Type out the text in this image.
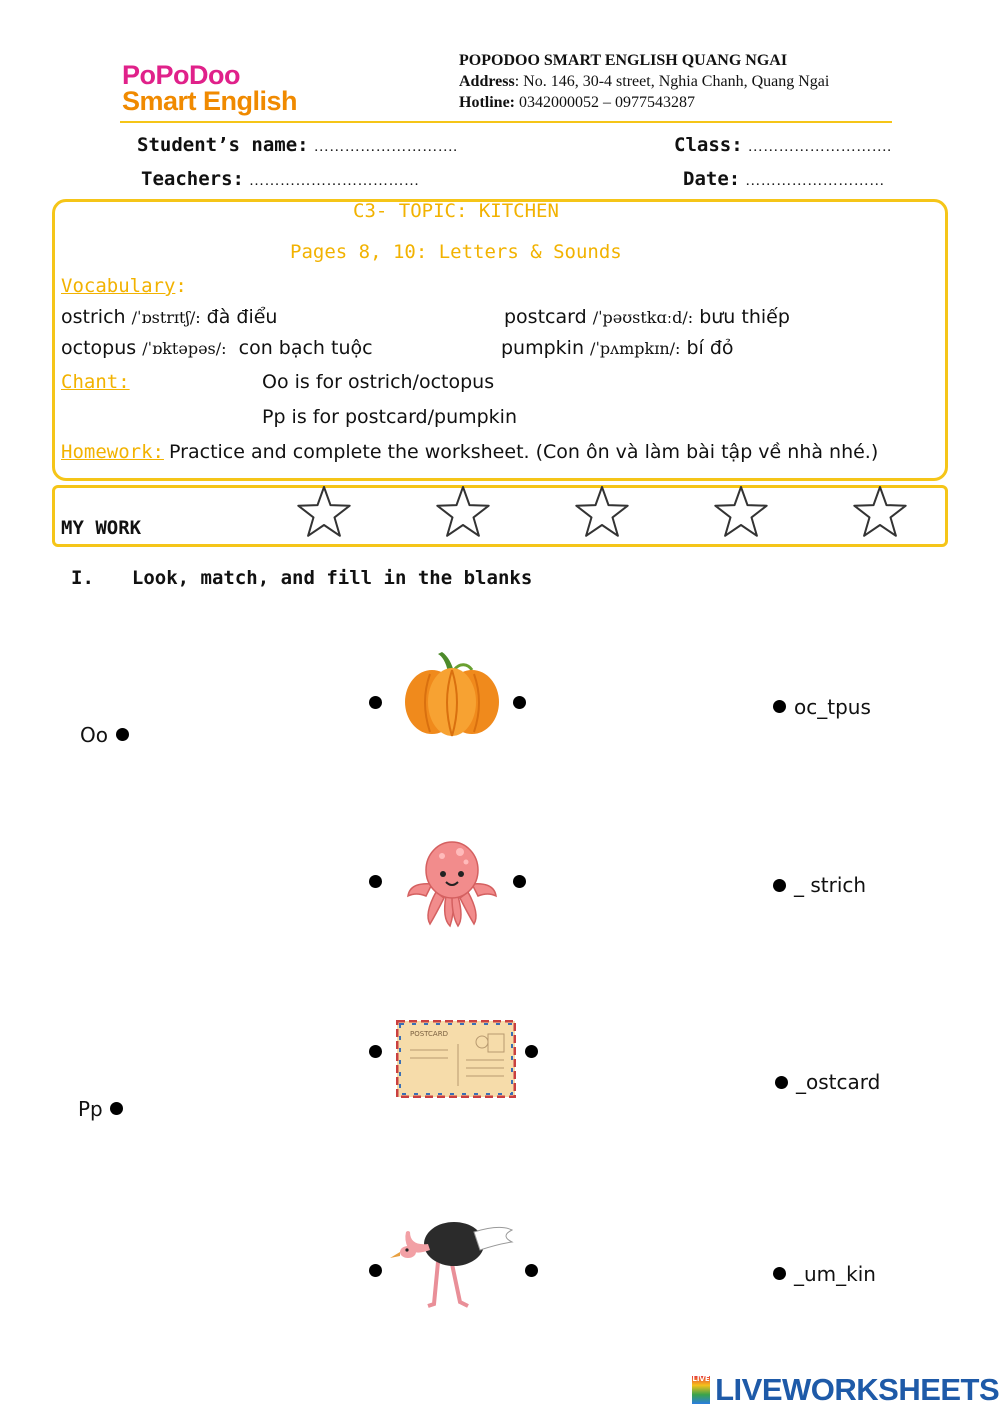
PoPoDoo
Smart English
POPODOO SMART ENGLISH QUANG NGAI
Address: No. 146, 30-4 street, Nghia Chanh, Quang Ngai
Hotline: 0342000052 – 0977543287
Student’s name: ……………………….	Class: ……………………….
Teachers: ……………………………	Date: ………………………
C3- TOPIC: KITCHEN
Pages 8, 10: Letters & Sounds
Vocabulary:
ostrich /ˈɒstrɪtʃ/: đà điểu	postcard /ˈpəʊstkɑːd/: bưu thiếp
octopus /ˈɒktəpəs/: con bạch tuộc	pumpkin /ˈpʌmpkɪn/: bí đỏ
Chant:	Oo is for ostrich/octopus
Pp is for postcard/pumpkin
Homework: Practice and complete the worksheet. (Con ôn và làm bài tập về nhà nhé.)
MY WORK
I. Look, match, and fill in the blanks
Oo
Pp
POSTCARD
oc_tpus
_ strich
_ostcard
_um_kin
LIVE LIVEWORKSHEETS
